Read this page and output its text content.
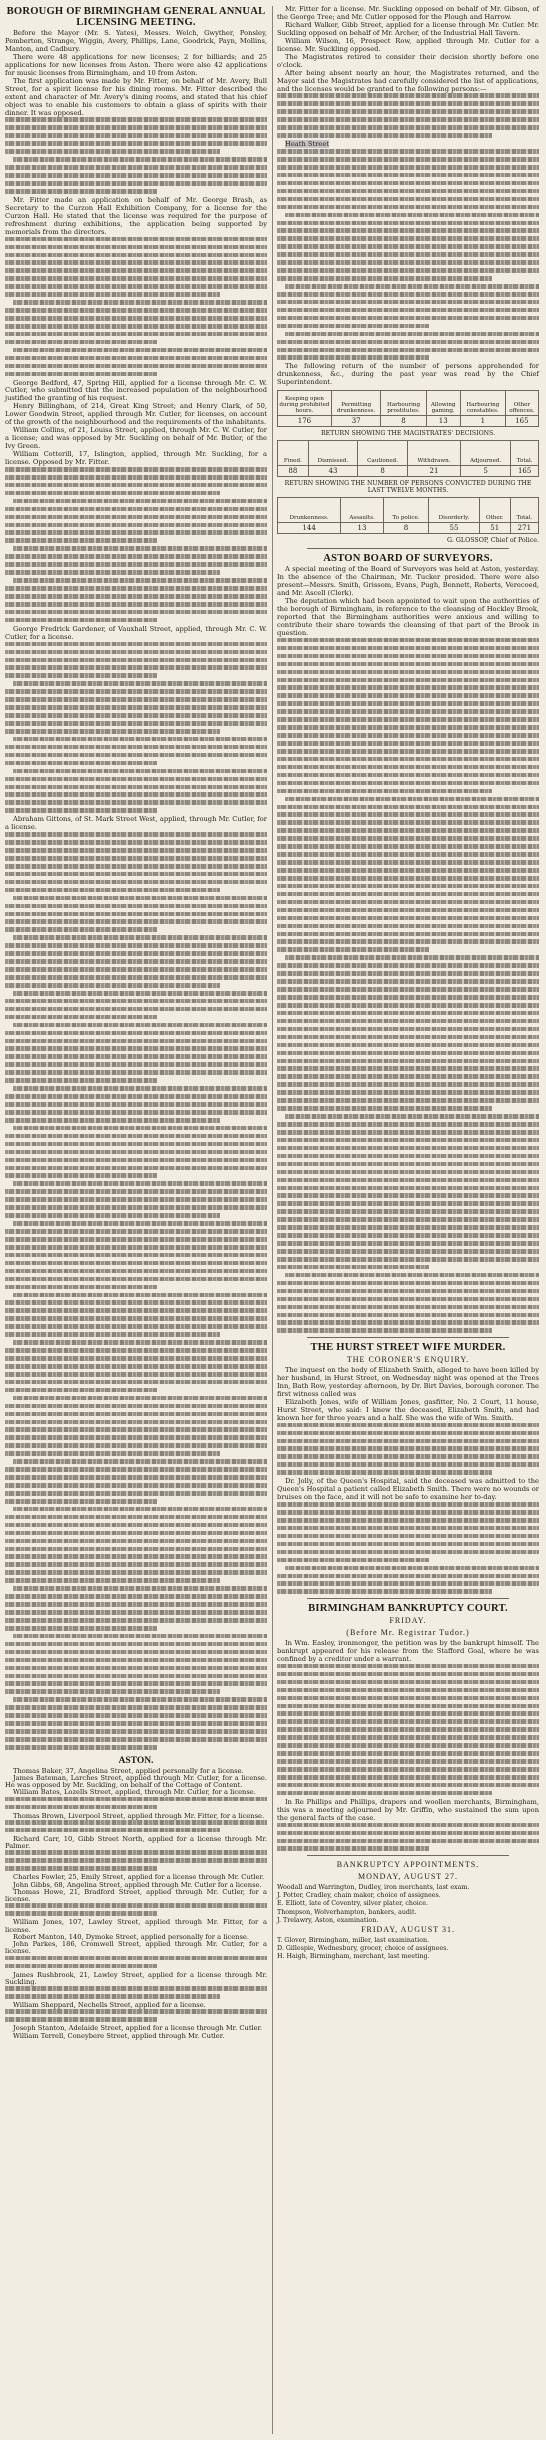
BOROUGH OF BIRMINGHAM GENERAL ANNUAL LICENSING MEETING.

Before the Mayor (Mr. S. Yates), Messrs. Welch, Gwyther, Ponsley, Pemberton, Strange, Wiggin, Avery, Phillips, Lane, Goodrick, Payn, Mollins, Manton, and Cadbury.

There were 48 applications for new licenses; 2 for billiards; and 25 applications for new licenses from Aston. There were also 42 applications for music licenses from Birmingham, and 10 from Aston.

The first application was made by Mr. Fitter, on behalf of Mr. Avery, Bull Street, for a spirit license for his dining rooms. Mr. Fitter described the extent and character of Mr. Avery's dining rooms, and stated that his chief object was to enable his customers to obtain a glass of spirits with their dinner. It was opposed.

Mr. Fitter made an application on behalf of Mr. George Brash, as Secretary to the Curzon Hall Exhibition Company, for a license for the Curzon Hall. He stated that the license was required for the purpose of refreshment during exhibitions, the application being supported by memorials from the directors.

George Bedford, 47, Spring Hill, applied for a license through Mr. C. W. Cutler, who submitted that the increased population of the neighbourhood justified the granting of his request.

Henry Billingham, of 214, Great King Street; and Henry Clark, of 50, Lower Goodwin Street, applied through Mr. Cutler, for licenses, on account of the growth of the neighbourhood and the requirements of the inhabitants.

William Collins, of 21, Louisa Street, applied, through Mr. C. W. Cutler, for a license; and was opposed by Mr. Suckling on behalf of Mr. Butler, of the Ivy Green.

William Cotterill, 17, Islington, applied, through Mr. Suckling, for a license. Opposed by Mr. Fitter.

George Fredrick Gardener, of Vauxhall Street, applied, through Mr. C. W. Cutler, for a license.

Abraham Gittons, of St. Mark Street West, applied, through Mr. Cutler, for a license.

ASTON.

Thomas Baker, 37, Angelina Street, applied personally for a license.

James Bateman, Larches Street, applied through Mr. Cutler, for a license. He was opposed by Mr. Suckling, on behalf of the Cottage of Content.

William Bates, Lozells Street, applied, through Mr. Cutler, for a license.

Thomas Brown, Liverpool Street, applied through Mr. Fitter, for a license.

Richard Carr, 10, Gibb Street North, applied for a license through Mr. Palmer.

Charles Fowler, 25, Emily Street, applied for a license through Mr. Cutler.

John Gibbs, 68, Angelina Street, applied through Mr. Cutler for a license.

Thomas Howe, 21, Bradford Street, applied through Mr. Cutler, for a license.

William Jones, 107, Lawley Street, applied through Mr. Fitter, for a license.

Robert Manton, 140, Dymoke Street, applied personally for a license.

John Parkes, 186, Cromwell Street, applied through Mr. Cutler, for a license.

James Rushbrook, 21, Lawley Street, applied for a license through Mr. Suckling.

William Sheppard, Nechells Street, applied for a license.

Joseph Stanton, Adelaide Street, applied for a license through Mr. Cutler.

William Terrell, Coneybere Street, applied through Mr. Cutler.

Mr. Fitter for a license. Mr. Suckling opposed on behalf of Mr. Gibson, of the George Tree; and Mr. Cutler opposed for the Plough and Harrow.

Richard Walker, Gibb Street, applied for a license through Mr. Cutler. Mr. Suckling opposed on behalf of Mr. Archer, of the Industrial Hall Tavern.

William Wilson, 16, Prospect Row, applied through Mr. Cutler for a license. Mr. Suckling opposed.

The Magistrates retired to consider their decision shortly before one o'clock.

After being absent nearly an hour, the Magistrates returned, and the Mayor said the Magistrates had carefully considered the list of applications, and the licenses would be granted to the following persons:—

Heath Street

The following return of the number of persons apprehended for drunkenness, &c., during the past year was read by the Chief Superintendent.

Keeping open during prohibited hours.	Permitting drunkenness.	Harbouring prostitutes.	Allowing gaming.	Harbouring constables.	Other offences.
176	37	8	13	1	165
RETURN SHOWING THE MAGISTRATES' DECISIONS.
Fined.	Dismissed.	Cautioned.	Withdrawn.	Adjourned.	Total.
88	43	8	21	5	165
RETURN SHOWING THE NUMBER OF PERSONS CONVICTED DURING THE LAST TWELVE MONTHS.
Drunkenness.	Assaults.	To police.	Disorderly.	Other.	Total.
144	13	8	55	51	271
G. GLOSSOP, Chief of Police.
ASTON BOARD OF SURVEYORS.

A special meeting of the Board of Surveyors was held at Aston, yesterday. In the absence of the Chairman, Mr. Tucker presided. There were also present—Messrs. Smith, Grissom, Evans, Pugh, Bennett, Roberts, Verecoed, and Mr. Ascell (Clerk).

The deputation which had been appointed to wait upon the authorities of the borough of Birmingham, in reference to the cleansing of Hockley Brook, reported that the Birmingham authorities were anxious and willing to contribute their share towards the cleansing of that part of the Brook in question.

THE HURST STREET WIFE MURDER.
THE CORONER'S ENQUIRY.

The inquest on the body of Elizabeth Smith, alleged to have been killed by her husband, in Hurst Street, on Wednesday night was opened at the Trees Inn, Bath Row, yesterday afternoon, by Dr. Birt Davies, borough coroner. The first witness called was

Elizabeth Jones, wife of William Jones, gasfitter, No. 2 Court, 11 house, Hurst Street, who said: I knew the deceased, Elizabeth Smith, and had known her for three years and a half. She was the wife of Wm. Smith.

Dr. Jolly, of the Queen's Hospital, said the deceased was admitted to the Queen's Hospital a patient called Elizabeth Smith. There were no wounds or bruises on the face, and it will not be safe to examine her to-day.

BIRMINGHAM BANKRUPTCY COURT.
FRIDAY.
(Before Mr. Registrar Tudor.)

In Wm. Easley, ironmonger, the petition was by the bankrupt himself. The bankrupt appeared for his release from the Stafford Goal, where he was confined by a creditor under a warrant.

In Re Phillips and Phillips, drapers and woollen merchants, Birmingham, this was a meeting adjourned by Mr. Griffin, who sustained the sum upon the general facts of the case.

BANKRUPTCY APPOINTMENTS.
MONDAY, AUGUST 27.
Woodall and Warrington, Dudley, iron merchants, last exam.
J. Potter, Cradley, chain maker, choice of assignees.
E. Elliott, late of Coventry, silver plater, choice.
Thompson, Wolverhampton, bankers, audit.
J. Trelawry, Aston, examination.
FRIDAY, AUGUST 31.
T. Glover, Birmingham, miller, last examination.
D. Gillespie, Wednesbury, grocer, choice of assignees.
H. Haigh, Birmingham, merchant, last meeting.
